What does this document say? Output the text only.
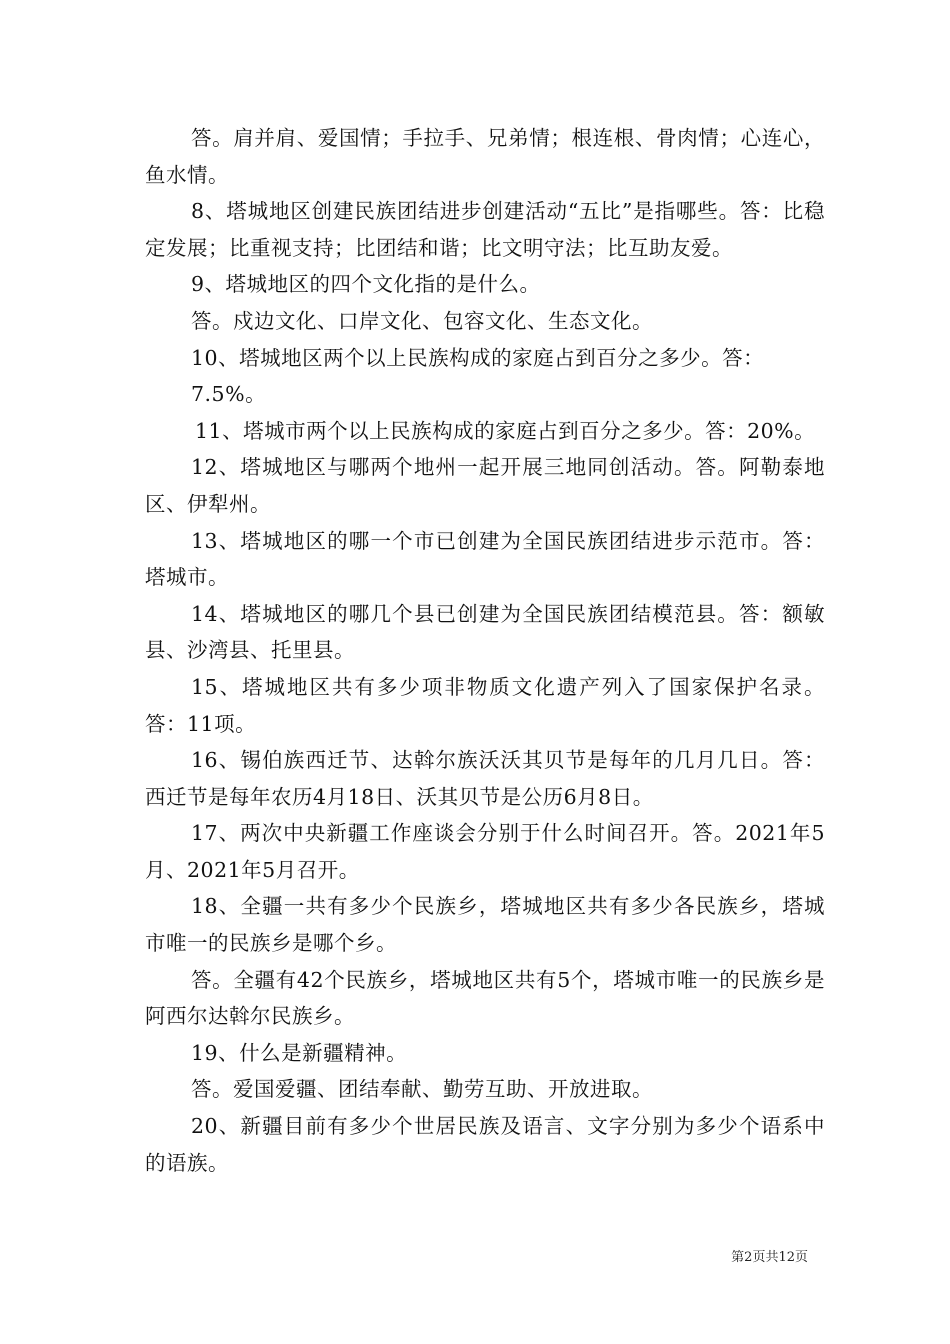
答。肩并肩、爱国情；手拉手、兄弟情；根连根、骨肉情；心连心，鱼水情。

8、塔城地区创建民族团结进步创建活动“五比”是指哪些。答：比稳定发展；比重视支持；比团结和谐；比文明守法；比互助友爱。

9、塔城地区的四个文化指的是什么。

答。戍边文化、口岸文化、包容文化、生态文化。

10、塔城地区两个以上民族构成的家庭占到百分之多少。答：

7.5%。

11、塔城市两个以上民族构成的家庭占到百分之多少。答：20%。

12、塔城地区与哪两个地州一起开展三地同创活动。答。阿勒泰地区、伊犁州。

13、塔城地区的哪一个市已创建为全国民族团结进步示范市。答：塔城市。

14、塔城地区的哪几个县已创建为全国民族团结模范县。答：额敏县、沙湾县、托里县。

15、塔城地区共有多少项非物质文化遗产列入了国家保护名录。答：11项。

16、锡伯族西迁节、达斡尔族沃沃其贝节是每年的几月几日。答：西迁节是每年农历4月18日、沃其贝节是公历6月8日。

17、两次中央新疆工作座谈会分别于什么时间召开。答。2021年5月、2021年5月召开。

18、全疆一共有多少个民族乡，塔城地区共有多少各民族乡，塔城市唯一的民族乡是哪个乡。

答。全疆有42个民族乡，塔城地区共有5个，塔城市唯一的民族乡是阿西尔达斡尔民族乡。

19、什么是新疆精神。

答。爱国爱疆、团结奉献、勤劳互助、开放进取。

20、新疆目前有多少个世居民族及语言、文字分别为多少个语系中的语族。

第2页共12页
